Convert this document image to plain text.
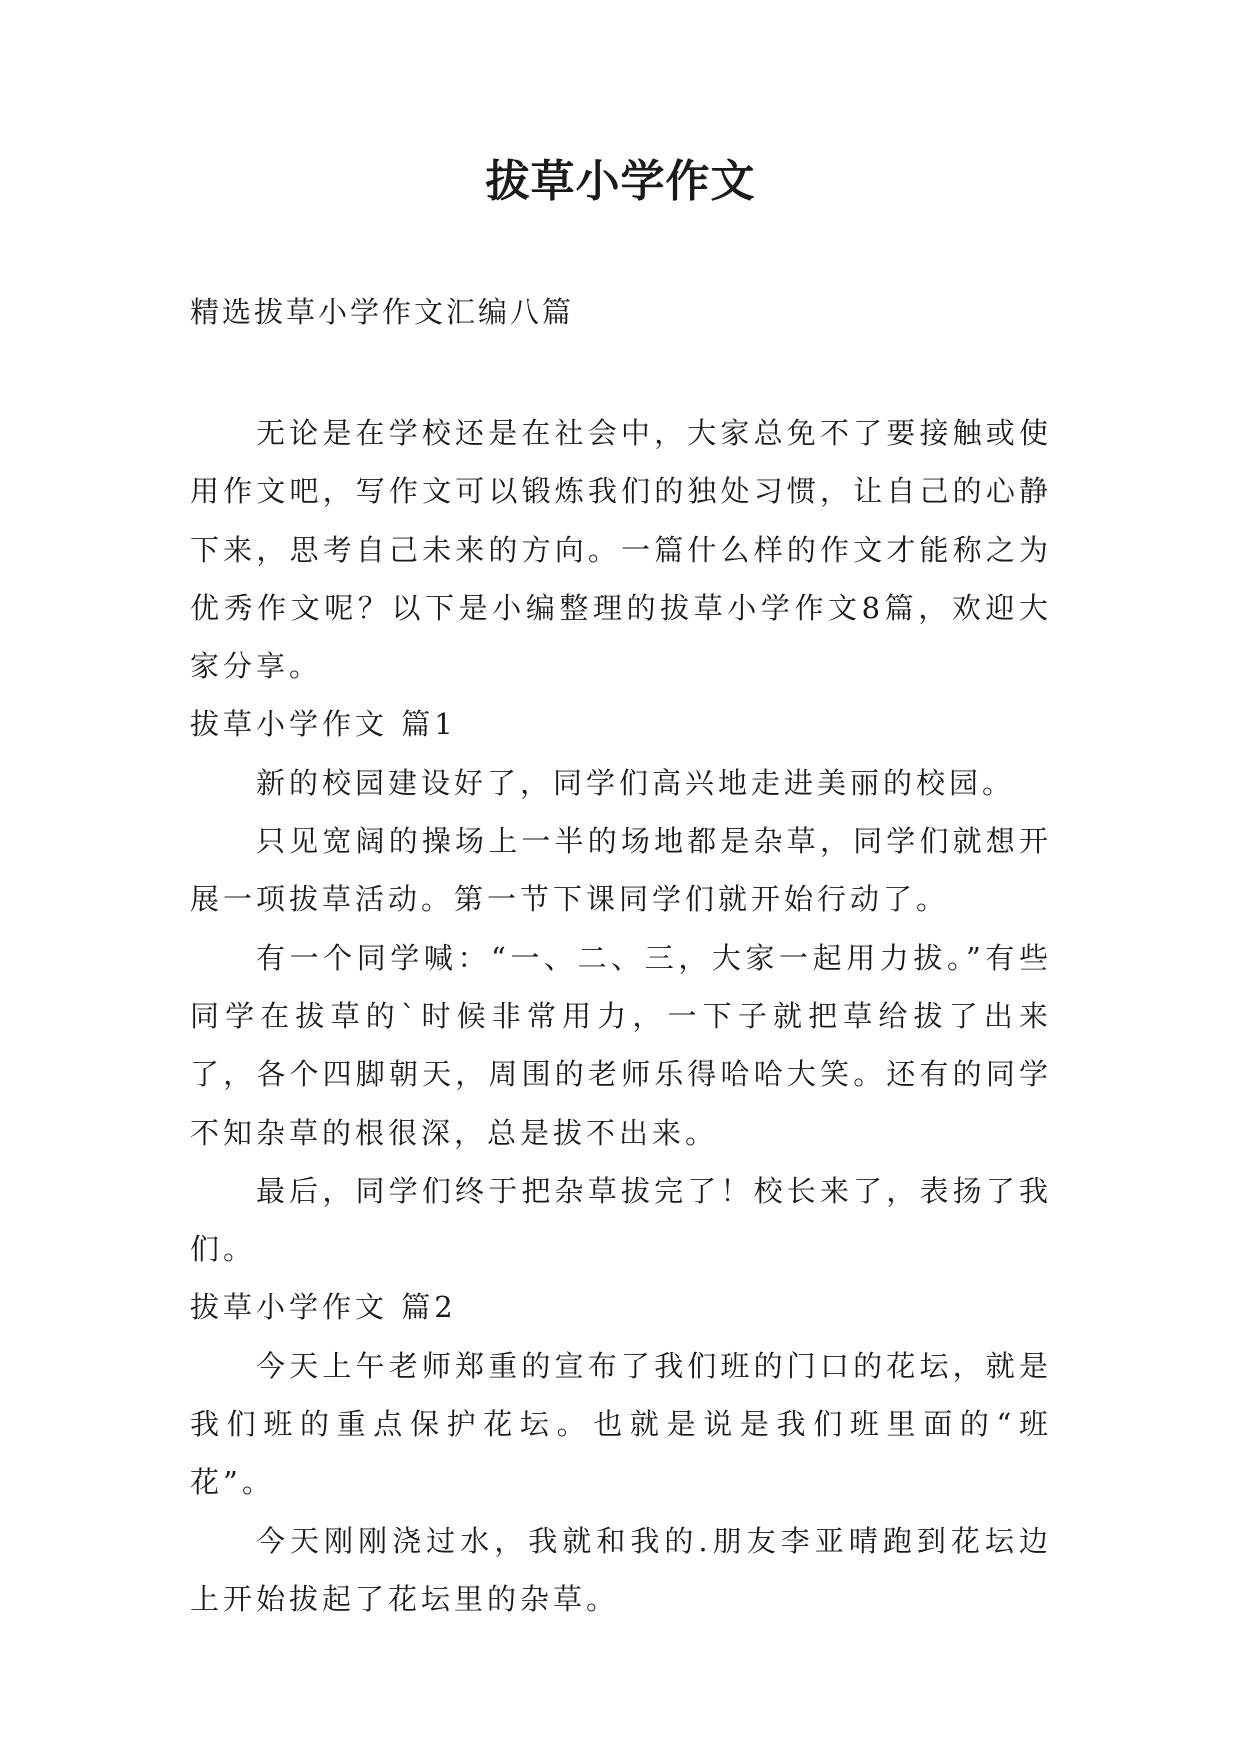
拔草小学作文
精选拔草小学作文汇编八篇

无论是在学校还是在社会中，大家总免不了要接触或使用作文吧，写作文可以锻炼我们的独处习惯，让自己的心静下来，思考自己未来的方向。一篇什么样的作文才能称之为优秀作文呢？以下是小编整理的拔草小学作文8篇，欢迎大家分享。

拔草小学作文 篇1

新的校园建设好了，同学们高兴地走进美丽的校园。

只见宽阔的操场上一半的场地都是杂草，同学们就想开展一项拔草活动。第一节下课同学们就开始行动了。

有一个同学喊：“一、二、三，大家一起用力拔。”有些同学在拔草的`时候非常用力，一下子就把草给拔了出来了，各个四脚朝天，周围的老师乐得哈哈大笑。还有的同学不知杂草的根很深，总是拔不出来。

最后，同学们终于把杂草拔完了！校长来了，表扬了我们。

拔草小学作文 篇2

今天上午老师郑重的宣布了我们班的门口的花坛，就是我们班的重点保护花坛。也就是说是我们班里面的“班花”。

今天刚刚浇过水，我就和我的.朋友李亚晴跑到花坛边上开始拔起了花坛里的杂草。
